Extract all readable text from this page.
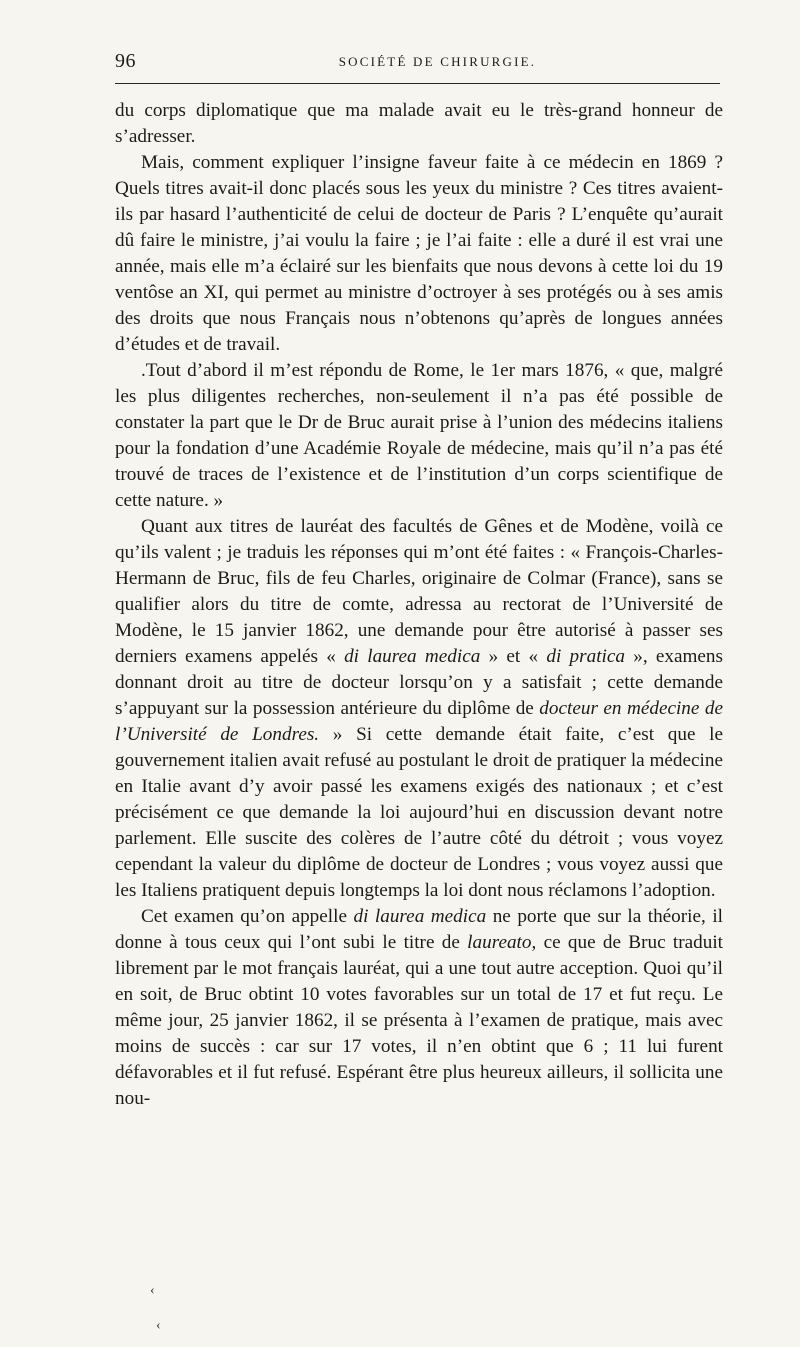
96	SOCIÉTÉ DE CHIRURGIE.

du corps diplomatique que ma malade avait eu le très-grand honneur de s’adresser.

Mais, comment expliquer l’insigne faveur faite à ce médecin en 1869 ? Quels titres avait-il donc placés sous les yeux du ministre ? Ces titres avaient-ils par hasard l’authenticité de celui de docteur de Paris ? L’enquête qu’aurait dû faire le ministre, j’ai voulu la faire ; je l’ai faite : elle a duré il est vrai une année, mais elle m’a éclairé sur les bienfaits que nous devons à cette loi du 19 ventôse an XI, qui permet au ministre d’octroyer à ses protégés ou à ses amis des droits que nous Français nous n’obtenons qu’après de longues années d’études et de travail.

.Tout d’abord il m’est répondu de Rome, le 1er mars 1876, « que, malgré les plus diligentes recherches, non-seulement il n’a pas été possible de constater la part que le Dr de Bruc aurait prise à l’union des médecins italiens pour la fondation d’une Académie Royale de médecine, mais qu’il n’a pas été trouvé de traces de l’existence et de l’institution d’un corps scientifique de cette nature. »

Quant aux titres de lauréat des facultés de Gênes et de Modène, voilà ce qu’ils valent ; je traduis les réponses qui m’ont été faites : « François-Charles-Hermann de Bruc, fils de feu Charles, originaire de Colmar (France), sans se qualifier alors du titre de comte, adressa au rectorat de l’Université de Modène, le 15 janvier 1862, une demande pour être autorisé à passer ses derniers examens appelés « di laurea medica » et « di pratica », examens donnant droit au titre de docteur lorsqu’on y a satisfait ; cette demande s’appuyant sur la possession antérieure du diplôme de docteur en médecine de l’Université de Londres. » Si cette demande était faite, c’est que le gouvernement italien avait refusé au postulant le droit de pratiquer la médecine en Italie avant d’y avoir passé les examens exigés des nationaux ; et c’est précisément ce que demande la loi aujourd’hui en discussion devant notre parlement. Elle suscite des colères de l’autre côté du détroit ; vous voyez cependant la valeur du diplôme de docteur de Londres ; vous voyez aussi que les Italiens pratiquent depuis longtemps la loi dont nous réclamons l’adoption.

Cet examen qu’on appelle di laurea medica ne porte que sur la théorie, il donne à tous ceux qui l’ont subi le titre de laureato, ce que de Bruc traduit librement par le mot français lauréat, qui a une tout autre acception. Quoi qu’il en soit, de Bruc obtint 10 votes favorables sur un total de 17 et fut reçu. Le même jour, 25 janvier 1862, il se présenta à l’examen de pratique, mais avec moins de succès : car sur 17 votes, il n’en obtint que 6 ; 11 lui furent défavorables et il fut refusé. Espérant être plus heureux ailleurs, il sollicita une nou-

‹
‹
